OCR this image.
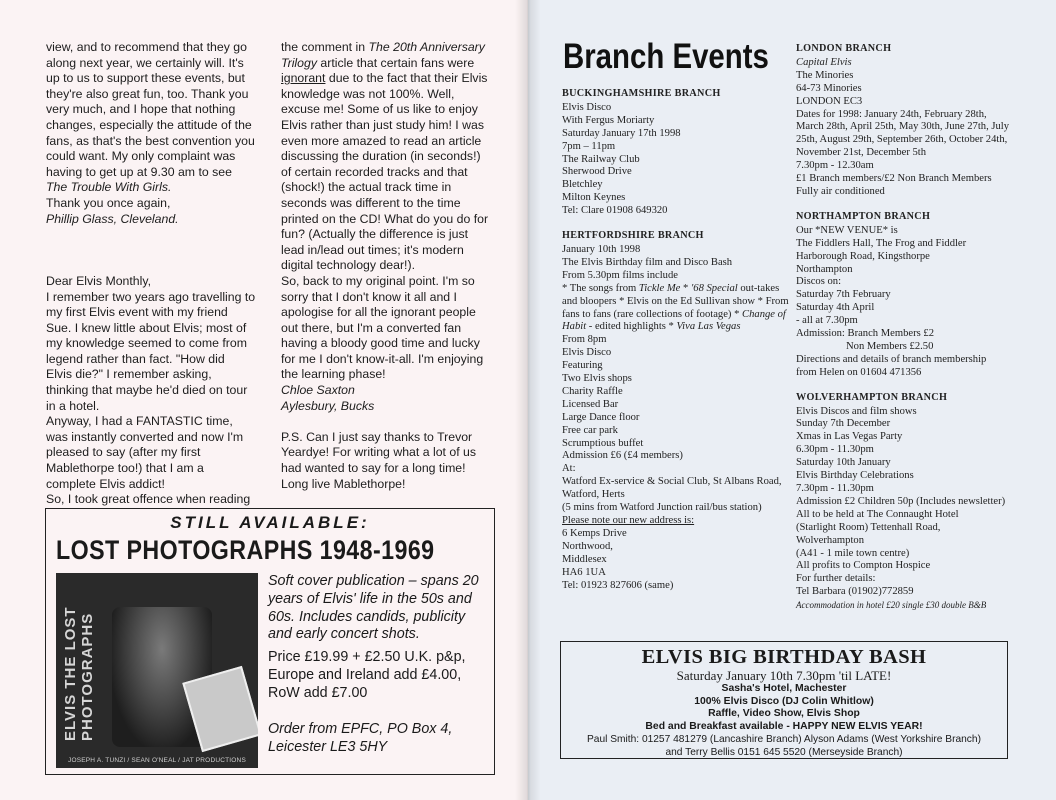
view, and to recommend that they go

along next year, we certainly will. It's

up to us to support these events, but

they're also great fun, too. Thank you

very much, and I hope that nothing

changes, especially the attitude of the

fans, as that's the best convention you

could want. My only complaint was

having to get up at 9.30 am to see

The Trouble With Girls.

Thank you once again,

Phillip Glass, Cleveland.

Dear Elvis Monthly,

I remember two years ago travelling to

my first Elvis event with my friend

Sue. I knew little about Elvis; most of

my knowledge seemed to come from

legend rather than fact. "How did

Elvis die?" I remember asking,

thinking that maybe he'd died on tour

in a hotel.

Anyway, I had a FANTASTIC time,

was instantly converted and now I'm

pleased to say (after my first

Mablethorpe too!) that I am a

complete Elvis addict!

So, I took great offence when reading

the comment in The 20th Anniversary Trilogy article that certain fans were ignorant due to the fact that their Elvis knowledge was not 100%. Well, excuse me! Some of us like to enjoy Elvis rather than just study him! I was even more amazed to read an article discussing the duration (in seconds!) of certain recorded tracks and that (shock!) the actual track time in seconds was different to the time printed on the CD! What do you do for fun? (Actually the difference is just lead in/lead out times; it's modern digital technology dear!).

So, back to my original point. I'm so sorry that I don't know it all and I apologise for all the ignorant people out there, but I'm a converted fan having a bloody good time and lucky for me I don't know-it-all. I'm enjoying the learning phase!

Chloe Saxton

Aylesbury, Bucks

P.S. Can I just say thanks to Trevor Yeardye! For writing what a lot of us had wanted to say for a long time! Long live Mablethorpe!

STILL AVAILABLE:
LOST PHOTOGRAPHS 1948-1969
ELVIS THE LOST PHOTOGRAPHS
JOSEPH A. TUNZI / SEAN O'NEAL / JAT PRODUCTIONS
Soft cover publication – spans 20 years of Elvis' life in the 50s and 60s. Includes candids, publicity and early concert shots.
Price £19.99 + £2.50 U.K. p&p, Europe and Ireland add £4.00, RoW add £7.00
Order from EPFC, PO Box 4, Leicester LE3 5HY
Branch Events
BUCKINGHAMSHIRE BRANCH
Elvis Disco
With Fergus Moriarty
Saturday January 17th 1998
7pm – 11pm
The Railway Club
Sherwood Drive
Bletchley
Milton Keynes
Tel: Clare 01908 649320
HERTFORDSHIRE BRANCH
January 10th 1998
The Elvis Birthday film and Disco Bash
From 5.30pm films include
* The songs from Tickle Me * '68 Special out-takes and bloopers * Elvis on the Ed Sullivan show * From fans to fans (rare collections of footage) * Change of Habit - edited highlights * Viva Las Vegas
From 8pm
Elvis Disco
Featuring
Two Elvis shops
Charity Raffle
Licensed Bar
Large Dance floor
Free car park
Scrumptious buffet
Admission £6 (£4 members)
At:
Watford Ex-service & Social Club, St Albans Road, Watford, Herts
(5 mins from Watford Junction rail/bus station)
Please note our new address is:
6 Kemps Drive
Northwood,
Middlesex
HA6 1UA
Tel: 01923 827606 (same)
LONDON BRANCH
Capital Elvis
The Minories
64-73 Minories
LONDON EC3
Dates for 1998: January 24th, February 28th, March 28th, April 25th, May 30th, June 27th, July 25th, August 29th, September 26th, October 24th, November 21st, December 5th
7.30pm - 12.30am
£1 Branch members/£2 Non Branch Members
Fully air conditioned
NORTHAMPTON BRANCH
Our *NEW VENUE* is
The Fiddlers Hall, The Frog and Fiddler
Harborough Road, Kingsthorpe
Northampton
Discos on:
Saturday 7th February
Saturday 4th April
- all at 7.30pm
Admission: Branch Members £2
Non Members £2.50
Directions and details of branch membership
from Helen on 01604 471356
WOLVERHAMPTON BRANCH
Elvis Discos and film shows
Sunday 7th December
Xmas in Las Vegas Party
6.30pm - 11.30pm
Saturday 10th January
Elvis Birthday Celebrations
7.30pm - 11.30pm
Admission £2 Children 50p (Includes newsletter)
All to be held at The Connaught Hotel
(Starlight Room) Tettenhall Road,
Wolverhampton
(A41 - 1 mile town centre)
All profits to Compton Hospice
For further details:
Tel Barbara (01902)772859
Accommodation in hotel £20 single £30 double B&B
ELVIS BIG BIRTHDAY BASH
Saturday January 10th 7.30pm 'til LATE!
Sasha's Hotel, Machester
100% Elvis Disco (DJ Colin Whitlow)
Raffle, Video Show, Elvis Shop
Bed and Breakfast available - HAPPY NEW ELVIS YEAR!
Paul Smith: 01257 481279 (Lancashire Branch) Alyson Adams (West Yorkshire Branch)
and Terry Bellis 0151 645 5520 (Merseyside Branch)
